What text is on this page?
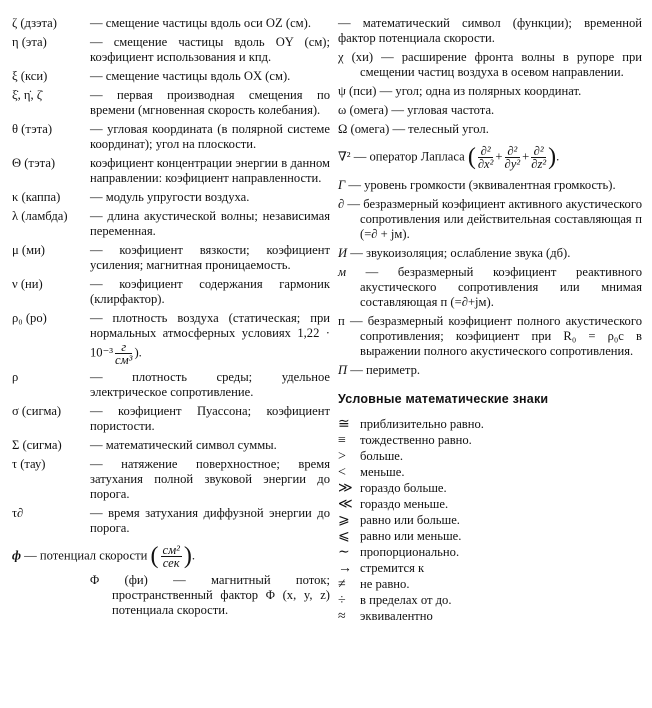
ζ (дзэта)	— смещение частицы вдоль оси OZ (см).
η (эта)	— смещение частицы вдоль OY (см); коэфициент использования и кпд.
ξ (кси)	— смещение частицы вдоль OX (см).
ξ̇, η̇, ζ̇	— первая производная смещения по времени (мгновенная скорость колебания).
θ (тэта)	— угловая координата (в полярной системе координат); угол на плоскости.
Θ (тэта)	коэфициент концентрации энергии в данном направлении: коэфициент направленности.
κ (каппа) — модуль упругости воздуха.
λ (ламбда) — длина акустической волны; независимая переменная.
μ (ми)	— коэфициент вязкости; коэфициент усиления; магнитная проницаемость.
ν (ни)	— коэфициент содержания гармоник (клирфактор).
ρ₀ (ро)	— плотность воздуха (статическая; при нормальных атмосферных условиях $1,22 \cdot 10^{-3} \frac{г}{\text{см³}}$ ).
ρ	— плотность среды; удельное электрическое сопротивление.
σ (сигма) — коэфициент Пуассона; коэфициент пористости.
Σ (сигма) — математический символ суммы.
τ (тау)	— натяжение поверхностное; время затухания полной звуковой энергии до порога.
τ∂	— время затухания диффузной энергии до порога.
ф — потенциал скорости ( $\frac{\text{см²}}{\text{сек}}$ ).
Φ (фи) — магнитный поток; пространственный фактор Φ (x, y, z) потенциала скорости.
— математический символ (функции); временной фактор потенциала скорости.
χ (хи) — расширение фронта волны в рупоре при смещении частиц воздуха в осевом направлении.
ψ (пси) — угол; одна из полярных координат.
ω (омега) — угловая частота.
Ω (омега) — телесный угол.
∇² — оператор Лапласа ( $\frac{\text{∂²}}{\text{∂x²}} + \frac{\text{∂²}}{\text{∂y²}} + \frac{\text{∂²}}{\text{∂z²}}$ ).
Г — уровень громкости (эквивалентная громкость).
∂ — безразмерный коэфициент активного акустического сопротивления или действительная составляющая п (=∂ + jм).
И — звукоизоляция; ослабление звука (дб).
м — безразмерный коэфициент реактивного акустического сопротивления или мнимая составляющая п (=∂+jм).
п — безразмерный коэфициент полного акустического сопротивления; коэфициент при R₀ = ρ₀c в выражении полного акустического сопротивления.
П — периметр.
Условные математические знаки
≅ приблизительно равно.
≡ тождественно равно.
> больше.
< меньше.
≫ гораздо больше.
≪ гораздо меньше.
⩾ равно или больше.
⩽ равно или меньше.
∼ пропорционально.
→ стремится к
≠ не равно.
÷ в пределах от до.
≈ эквивалентно
